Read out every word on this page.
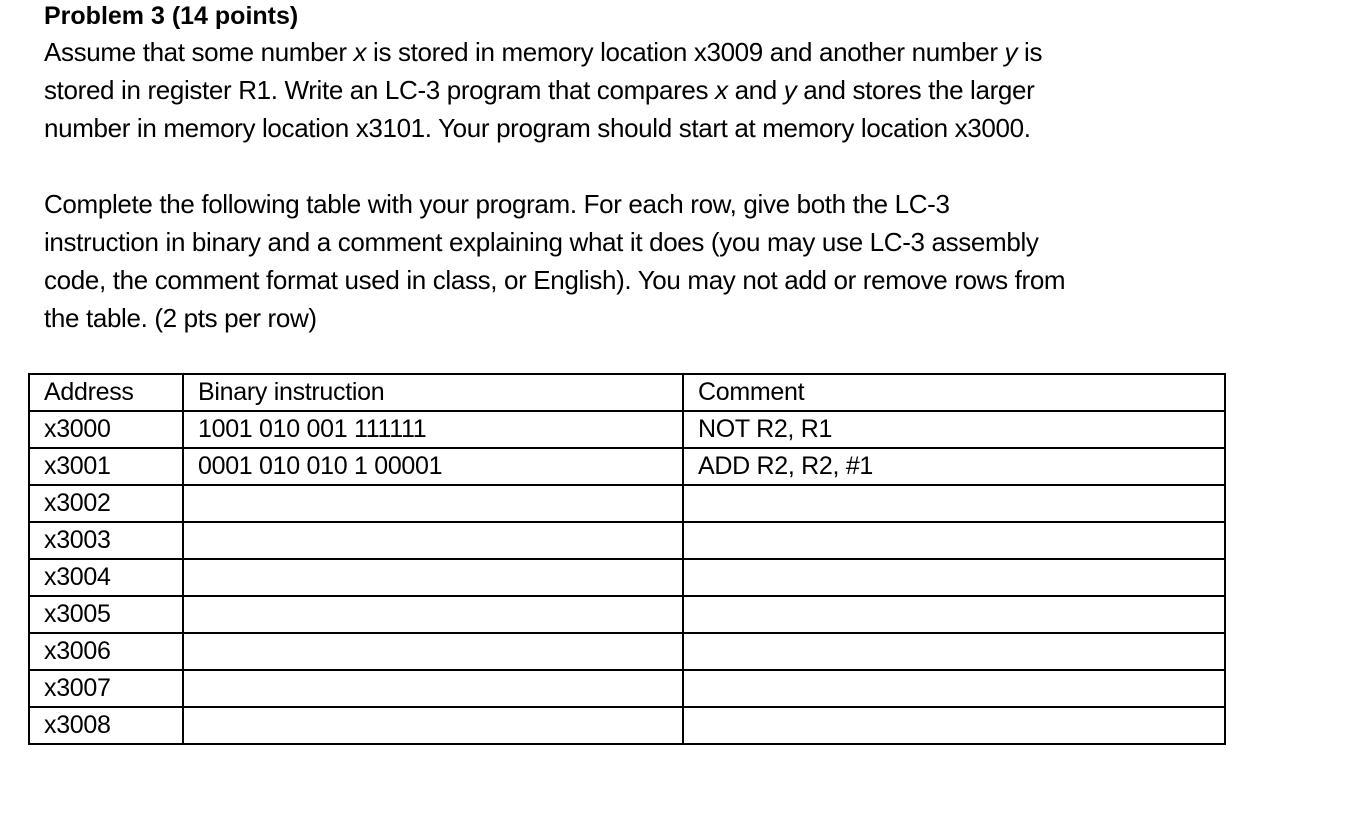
Problem 3 (14 points)
Assume that some number x is stored in memory location x3009 and another number y is
stored in register R1. Write an LC-3 program that compares x and y and stores the larger
number in memory location x3101. Your program should start at memory location x3000.
Complete the following table with your program. For each row, give both the LC-3
instruction in binary and a comment explaining what it does (you may use LC-3 assembly
code, the comment format used in class, or English). You may not add or remove rows from
the table. (2 pts per row)
Address	Binary instruction	Comment
x3000	1001 010 001 111111	NOT R2, R1
x3001	0001 010 010 1 00001	ADD R2, R2, #1
x3002		
x3003		
x3004		
x3005		
x3006		
x3007		
x3008		
